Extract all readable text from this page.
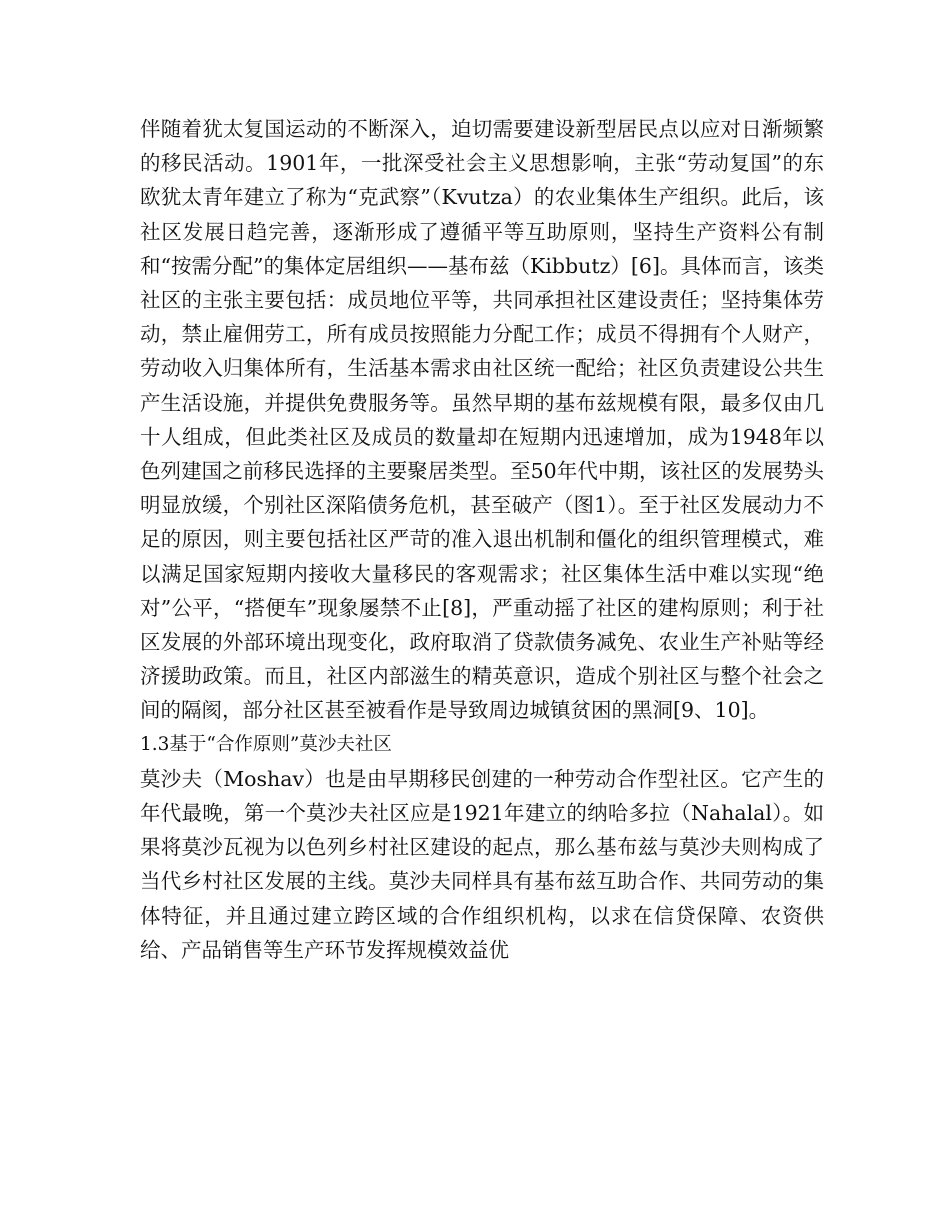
伴随着犹太复国运动的不断深入，迫切需要建设新型居民点以应对日渐频繁的移民活动。1901年，一批深受社会主义思想影响，主张“劳动复国”的东欧犹太青年建立了称为“克武察”（Kvutza）的农业集体生产组织。此后，该社区发展日趋完善，逐渐形成了遵循平等互助原则，坚持生产资料公有制和“按需分配”的集体定居组织——基布兹（Kibbutz）[6]。具体而言，该类社区的主张主要包括：成员地位平等，共同承担社区建设责任；坚持集体劳动，禁止雇佣劳工，所有成员按照能力分配工作；成员不得拥有个人财产，劳动收入归集体所有，生活基本需求由社区统一配给；社区负责建设公共生产生活设施，并提供免费服务等。虽然早期的基布兹规模有限，最多仅由几十人组成，但此类社区及成员的数量却在短期内迅速增加，成为1948年以色列建国之前移民选择的主要聚居类型。至50年代中期，该社区的发展势头明显放缓，个别社区深陷债务危机，甚至破产（图1）。至于社区发展动力不足的原因，则主要包括社区严苛的准入退出机制和僵化的组织管理模式，难以满足国家短期内接收大量移民的客观需求；社区集体生活中难以实现“绝对”公平，“搭便车”现象屡禁不止[8]，严重动摇了社区的建构原则；利于社区发展的外部环境出现变化，政府取消了贷款债务减免、农业生产补贴等经济援助政策。而且，社区内部滋生的精英意识，造成个别社区与整个社会之间的隔阂，部分社区甚至被看作是导致周边城镇贫困的黑洞[9、10]。

1.3基于“合作原则”莫沙夫社区

莫沙夫（Moshav）也是由早期移民创建的一种劳动合作型社区。它产生的年代最晚，第一个莫沙夫社区应是1921年建立的纳哈多拉（Nahalal）。如果将莫沙瓦视为以色列乡村社区建设的起点，那么基布兹与莫沙夫则构成了当代乡村社区发展的主线。莫沙夫同样具有基布兹互助合作、共同劳动的集体特征，并且通过建立跨区域的合作组织机构，以求在信贷保障、农资供给、产品销售等生产环节发挥规模效益优
